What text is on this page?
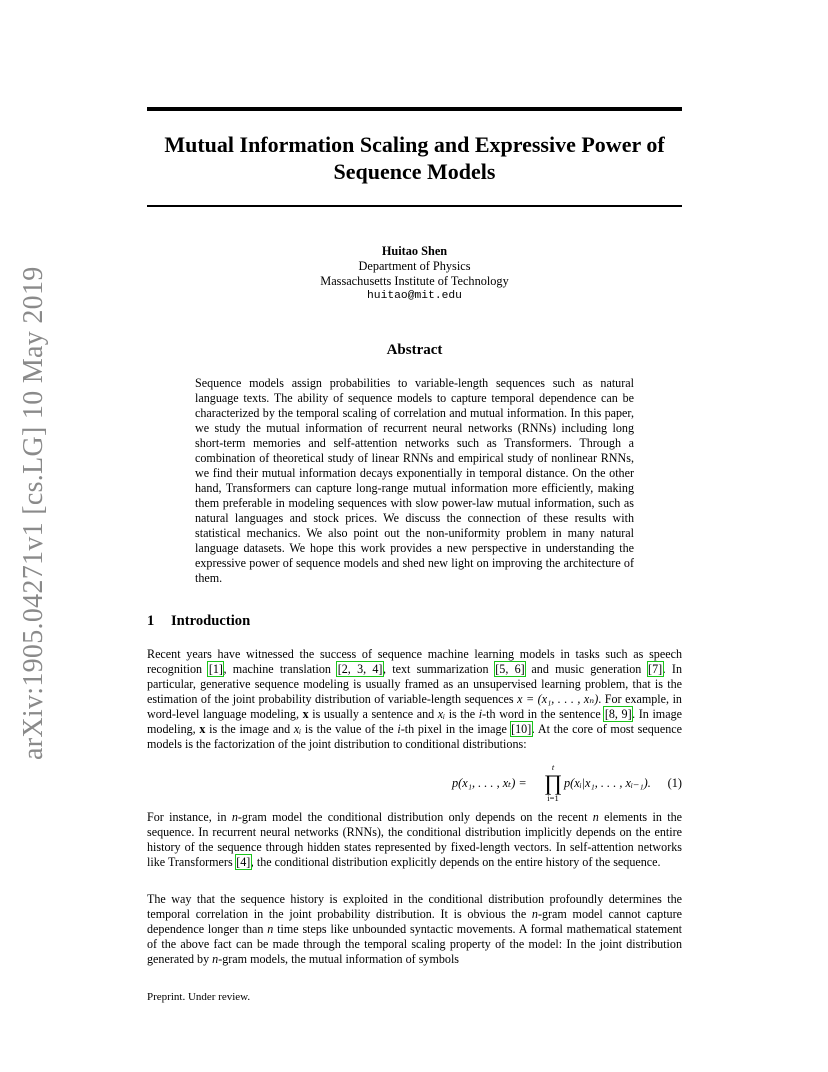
arXiv:1905.04271v1 [cs.LG] 10 May 2019
Mutual Information Scaling and Expressive Power of
Sequence Models
Huitao Shen
Department of Physics
Massachusetts Institute of Technology
huitao@mit.edu
Abstract

Sequence models assign probabilities to variable-length sequences such as natural language texts. The ability of sequence models to capture temporal dependence can be characterized by the temporal scaling of correlation and mutual information. In this paper, we study the mutual information of recurrent neural networks (RNNs) including long short-term memories and self-attention networks such as Transformers. Through a combination of theoretical study of linear RNNs and empirical study of nonlinear RNNs, we find their mutual information decays exponentially in temporal distance. On the other hand, Transformers can capture long-range mutual information more efficiently, making them preferable in modeling sequences with slow power-law mutual information, such as natural languages and stock prices. We discuss the connection of these results with statistical mechanics. We also point out the non-uniformity problem in many natural language datasets. We hope this work provides a new perspective in understanding the expressive power of sequence models and shed new light on improving the architecture of them.

1 Introduction

Recent years have witnessed the success of sequence machine learning models in tasks such as speech recognition [1], machine translation [2, 3, 4], text summarization [5, 6] and music generation [7]. In particular, generative sequence modeling is usually framed as an unsupervised learning problem, that is the estimation of the joint probability distribution of variable-length sequences x = (x₁, . . . , xₙ). For example, in word-level language modeling, x is usually a sentence and xᵢ is the i-th word in the sentence [8, 9]. In image modeling, x is the image and xᵢ is the value of the i-th pixel in the image [10]. At the core of most sequence models is the factorization of the joint distribution to conditional distributions:

p(x₁, . . . , xₜ) =
t
∏
i=1
p(xᵢ|x₁, . . . , xᵢ₋₁). (1)

For instance, in n-gram model the conditional distribution only depends on the recent n elements in the sequence. In recurrent neural networks (RNNs), the conditional distribution implicitly depends on the entire history of the sequence through hidden states represented by fixed-length vectors. In self-attention networks like Transformers [4], the conditional distribution explicitly depends on the entire history of the sequence.

The way that the sequence history is exploited in the conditional distribution profoundly determines the temporal correlation in the joint probability distribution. It is obvious the n-gram model cannot capture dependence longer than n time steps like unbounded syntactic movements. A formal mathematical statement of the above fact can be made through the temporal scaling property of the model: In the joint distribution generated by n-gram models, the mutual information of symbols

Preprint. Under review.
